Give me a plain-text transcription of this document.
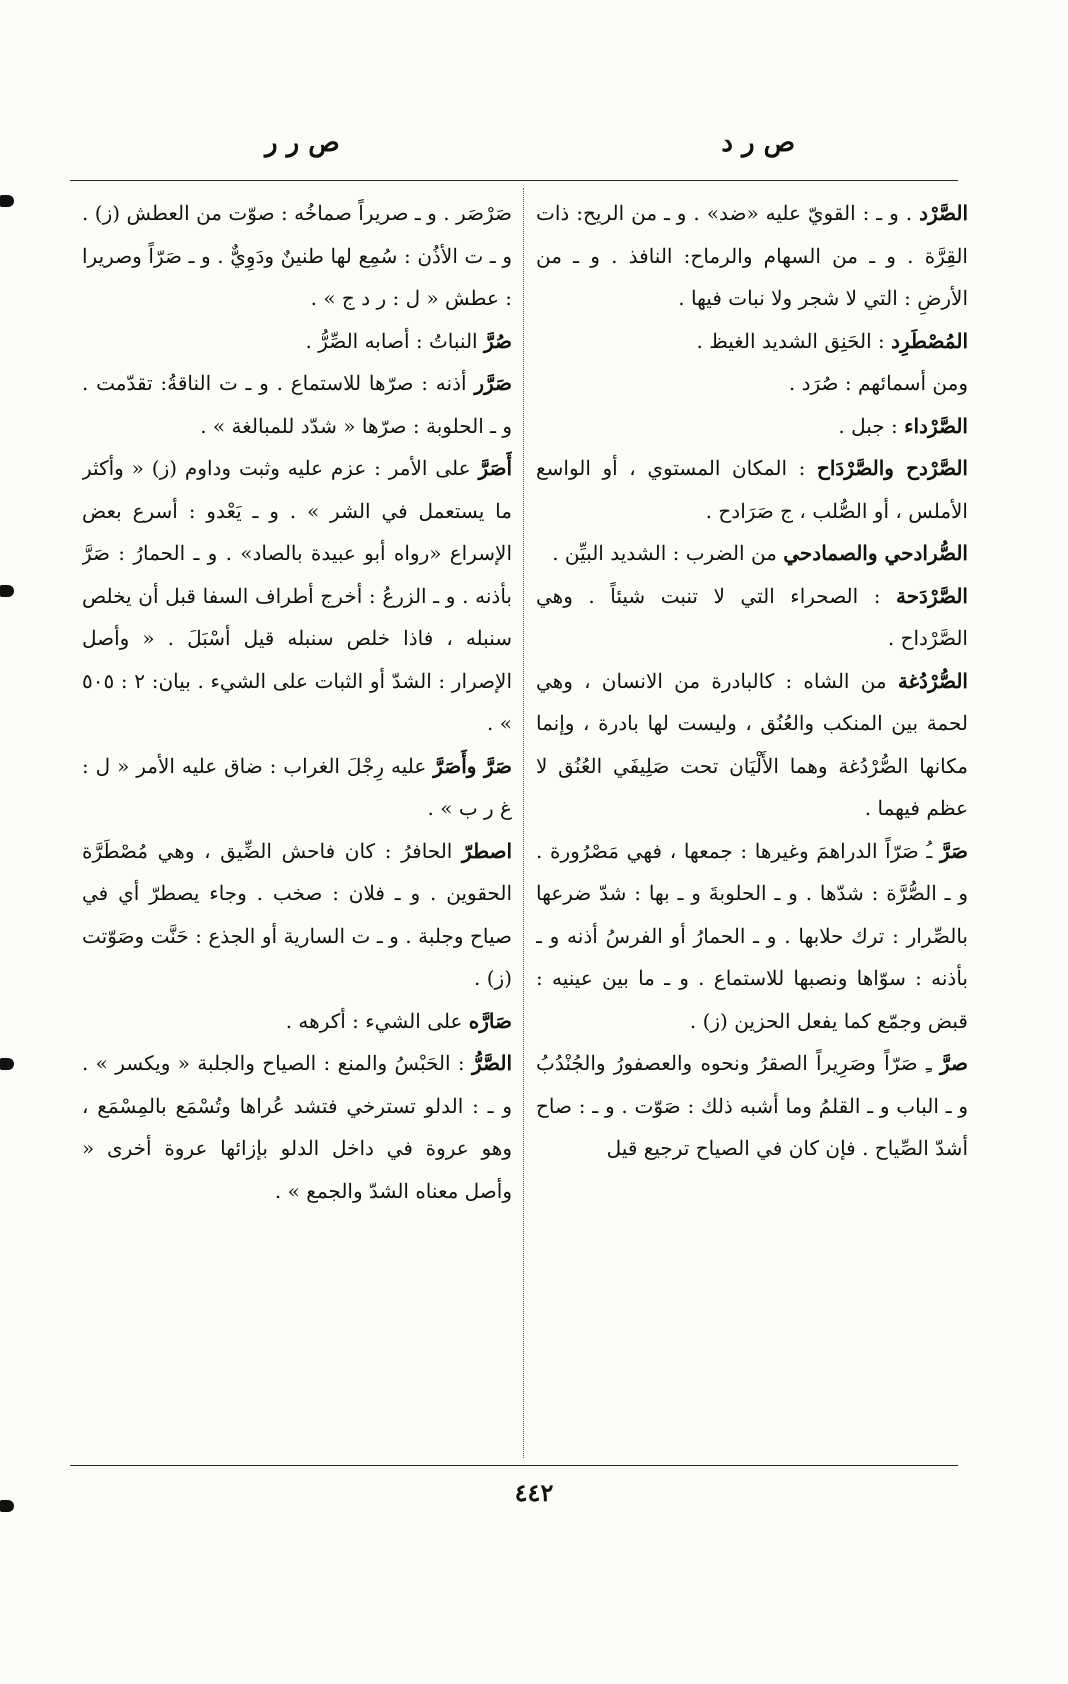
ص ر د
ص ر ر

الصَّرْد . و ـ : القويّ عليه «ضد» . و ـ من الريح: ذات القِرَّة . و ـ من السهام والرماح: النافذ . و ـ من الأرضِ : التي لا شجر ولا نبات فيها .

المُصْطَرِد : الحَنِق الشديد الغيظ .

ومن أسمائهم : صُرَد .

الصَّرْداء : جبل .

الصَّرْدح والصَّرْدَاح : المكان المستوي ، أو الواسع الأملس ، أو الصُّلب ، ج صَرَادح .

الصُّرادحي والصمادحي من الضرب : الشديد البيِّن .

الصَّرْدَحة : الصحراء التي لا تنبت شيئاً . وهي الصَّرْداح .

الصُّرْدُغة من الشاه : كالبادرة من الانسان ، وهي لحمة بين المنكب والعُنُق ، وليست لها بادرة ، وإنما مكانها الصُّرْدُغة وهما الأَلْيَان تحت صَلِيفَي العُنُق لا عظم فيهما .

صَرَّ ـُ صَرّاً الدراهمَ وغيرها : جمعها ، فهي مَصْرُورة . و ـ الصُّرَّة : شدّها . و ـ الحلوبةَ و ـ بها : شدّ ضرعها بالصِّرار : ترك حلابها . و ـ الحمارُ أو الفرسُ أذنه و ـ بأذنه : سوّاها ونصبها للاستماع . و ـ ما بين عينيه : قبض وجمّع كما يفعل الحزين (ز) .

صرَّ ـِ صَرّاً وصَرِيراً الصقرُ ونحوه والعصفورُ والجُنْدُبُ و ـ الباب و ـ القلمُ وما أشبه ذلك : صَوّت . و ـ : صاح أشدّ الصِّياح . فإن كان في الصياح ترجيع قيل

صَرْصَر . و ـ صريراً صماخُه : صوّت من العطش (ز) . و ـ ت الأذُن : سُمِع لها طنينٌ ودَوِيٌّ . و ـ صَرّاً وصريرا : عطش « ل : ر د ج » .

صُرَّ النباتُ : أصابه الصِّرُّ .

صَرَّر أذنه : صرّها للاستماع . و ـ ت الناقةُ: تقدّمت . و ـ الحلوبة : صرّها « شدّد للمبالغة » .

أَصَرَّ على الأمر : عزم عليه وثبت وداوم (ز) « وأكثر ما يستعمل في الشر » . و ـ يَعْدو : أسرع بعض الإسراع «رواه أبو عبيدة بالصاد» . و ـ الحمارُ : صَرَّ بأذنه . و ـ الزرعُ : أخرج أطراف السفا قبل أن يخلص سنبله ، فاذا خلص سنبله قيل أسْبَلَ . « وأصل الإصرار : الشدّ أو الثبات على الشيء . بيان: ٢ : ٥٠٥ » .

صَرَّ وأَصَرَّ عليه رِجْلَ الغراب : ضاق عليه الأمر « ل : غ ر ب » .

اصطرّ الحافرُ : كان فاحش الضِّيق ، وهي مُصْطَرَّة الحقوين . و ـ فلان : صخب . وجاء يصطرّ أي في صياح وجلبة . و ـ ت السارية أو الجذع : حَنَّت وصَوّتت (ز) .

صَارَّه على الشيء : أكرهه .

الصَّرُّ : الحَبْسُ والمنع : الصياح والجلبة « ويكسر » . و ـ : الدلو تسترخي فتشد عُراها وتُسْمَع بالمِسْمَع ، وهو عروة في داخل الدلو بإزائها عروة أخرى « وأصل معناه الشدّ والجمع » .

٤٤٢
